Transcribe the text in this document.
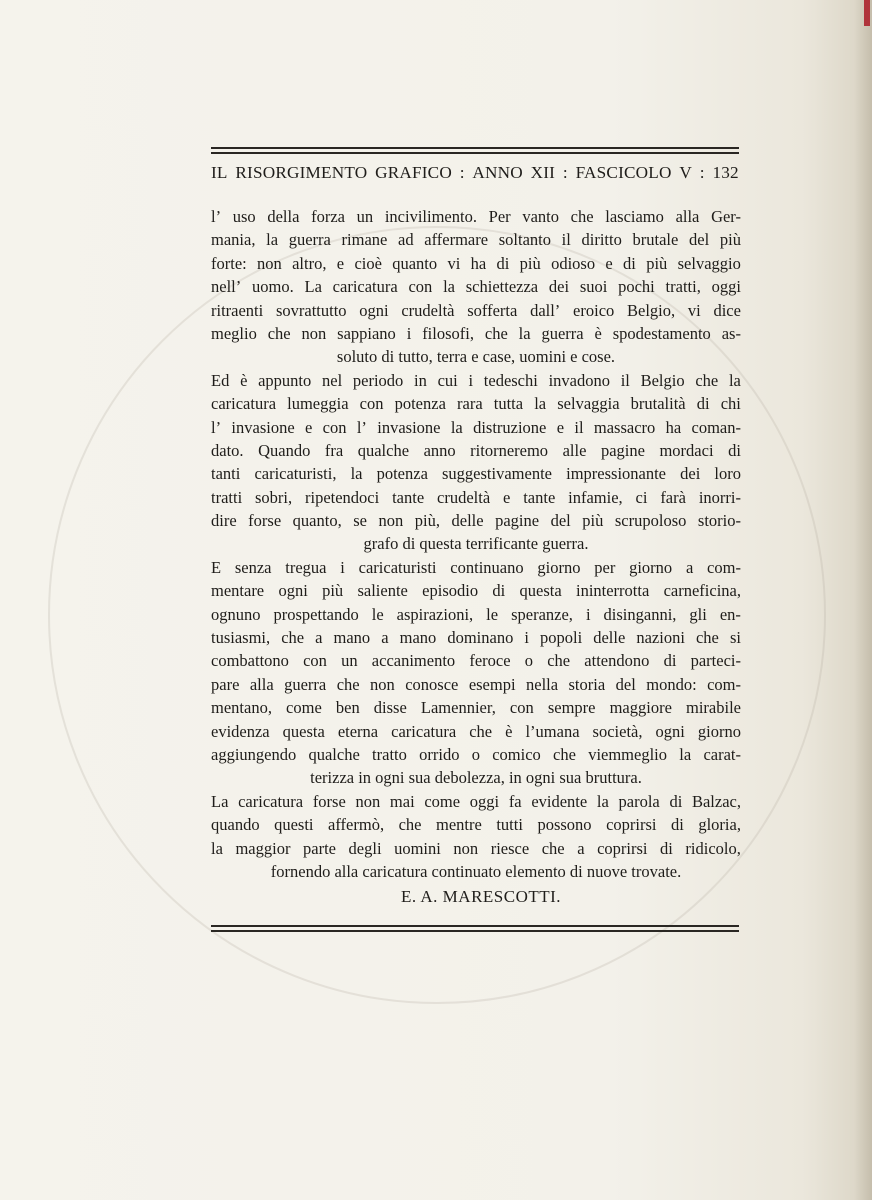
IL RISORGIMENTO GRAFICO : ANNO XII : FASCICOLO V : 132
l’ uso della forza un incivilimento. Per vanto che lasciamo alla Ger-
mania, la guerra rimane ad affermare soltanto il diritto brutale del più
forte: non altro, e cioè quanto vi ha di più odioso e di più selvaggio
nell’ uomo. La caricatura con la schiettezza dei suoi pochi tratti, oggi
ritraenti sovrattutto ogni crudeltà sofferta dall’ eroico Belgio, vi dice
meglio che non sappiano i filosofi, che la guerra è spodestamento as-
soluto di tutto, terra e case, uomini e cose.
Ed è appunto nel periodo in cui i tedeschi invadono il Belgio che la
caricatura lumeggia con potenza rara tutta la selvaggia brutalità di chi
l’ invasione e con l’ invasione la distruzione e il massacro ha coman-
dato. Quando fra qualche anno ritorneremo alle pagine mordaci di
tanti caricaturisti, la potenza suggestivamente impressionante dei loro
tratti sobri, ripetendoci tante crudeltà e tante infamie, ci farà inorri-
dire forse quanto, se non più, delle pagine del più scrupoloso storio-
grafo di questa terrificante guerra.
E senza tregua i caricaturisti continuano giorno per giorno a com-
mentare ogni più saliente episodio di questa ininterrotta carneficina,
ognuno prospettando le aspirazioni, le speranze, i disinganni, gli en-
tusiasmi, che a mano a mano dominano i popoli delle nazioni che si
combattono con un accanimento feroce o che attendono di parteci-
pare alla guerra che non conosce esempi nella storia del mondo: com-
mentano, come ben disse Lamennier, con sempre maggiore mirabile
evidenza questa eterna caricatura che è l’umana società, ogni giorno
aggiungendo qualche tratto orrido o comico che viemmeglio la carat-
terizza in ogni sua debolezza, in ogni sua bruttura.
La caricatura forse non mai come oggi fa evidente la parola di Balzac,
quando questi affermò, che mentre tutti possono coprirsi di gloria,
la maggior parte degli uomini non riesce che a coprirsi di ridicolo,
fornendo alla caricatura continuato elemento di nuove trovate.
E. A. MARESCOTTI.
